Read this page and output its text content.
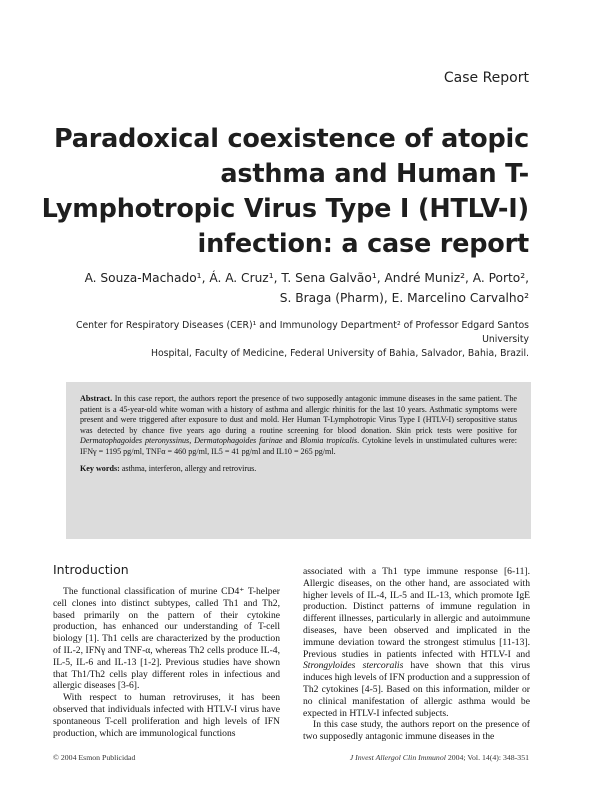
Case Report
Paradoxical coexistence of atopic asthma and Human T-Lymphotropic Virus Type I (HTLV-I) infection: a case report
A. Souza-Machado¹, Á. A. Cruz¹, T. Sena Galvão¹, André Muniz², A. Porto²,
S. Braga (Pharm), E. Marcelino Carvalho²
Center for Respiratory Diseases (CER)¹ and Immunology Department² of Professor Edgard Santos University
Hospital, Faculty of Medicine, Federal University of Bahia, Salvador, Bahia, Brazil.
Abstract. In this case report, the authors report the presence of two supposedly antagonic immune diseases in the same patient. The patient is a 45-year-old white woman with a history of asthma and allergic rhinitis for the last 10 years. Asthmatic symptoms were present and were triggered after exposure to dust and mold. Her Human T-Lymphotropic Virus Type I (HTLV-I) seropositive status was detected by chance five years ago during a routine screening for blood donation. Skin prick tests were positive for Dermatophagoides pteronyssinus, Dermatophagoides farinae and Blomia tropicalis. Cytokine levels in unstimulated cultures were: IFNγ = 1195 pg/ml, TNFα = 460 pg/ml, IL5 = 41 pg/ml and IL10 = 265 pg/ml.
Key words: asthma, interferon, allergy and retrovirus.
Introduction

The functional classification of murine CD4⁺ T-helper cell clones into distinct subtypes, called Th1 and Th2, based primarily on the pattern of their cytokine production, has enhanced our understanding of T-cell biology [1]. Th1 cells are characterized by the production of IL-2, IFNγ and TNF-α, whereas Th2 cells produce IL-4, IL-5, IL-6 and IL-13 [1-2]. Previous studies have shown that Th1/Th2 cells play different roles in infectious and allergic diseases [3-6].

With respect to human retroviruses, it has been observed that individuals infected with HTLV-I virus have spontaneous T-cell proliferation and high levels of IFN production, which are immunological functions

associated with a Th1 type immune response [6-11]. Allergic diseases, on the other hand, are associated with higher levels of IL-4, IL-5 and IL-13, which promote IgE production. Distinct patterns of immune regulation in different illnesses, particularly in allergic and autoimmune diseases, have been observed and implicated in the immune deviation toward the strongest stimulus [11-13]. Previous studies in patients infected with HTLV-I and Strongyloides stercoralis have shown that this virus induces high levels of IFN production and a suppression of Th2 cytokines [4-5]. Based on this information, milder or no clinical manifestation of allergic asthma would be expected in HTLV-I infected subjects.

In this case study, the authors report on the presence of two supposedly antagonic immune diseases in the

© 2004 Esmon Publicidad	J Invest Allergol Clin Immunol 2004; Vol. 14(4): 348-351
